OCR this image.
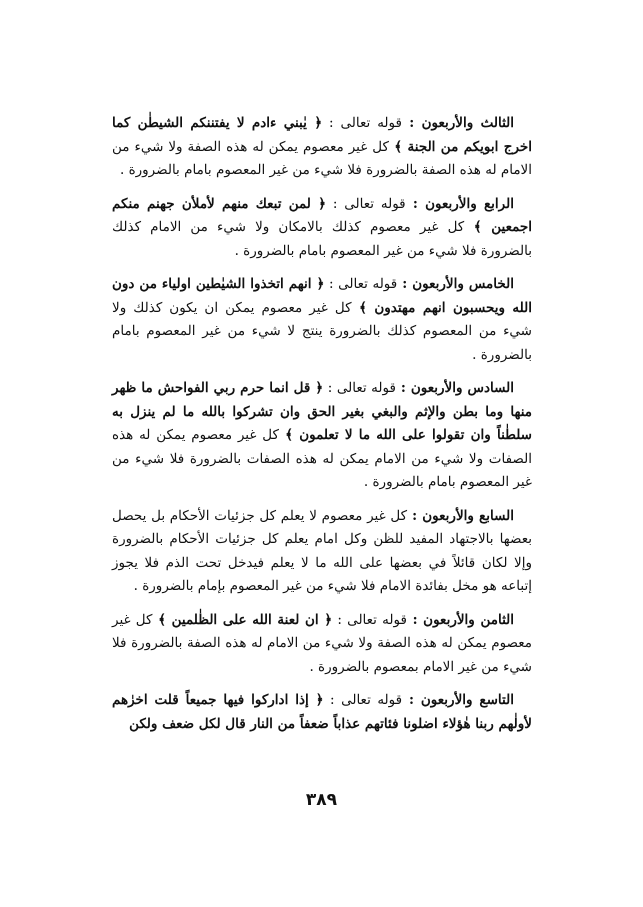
الثالث والأربعون : قوله تعالى : ﴿ يٰبني ءادم لا يفتننكم الشيطٰن كما اخرج ابويكم من الجنة ﴾ كل غير معصوم يمكن له هذه الصفة ولا شيء من الامام له هذه الصفة بالضرورة فلا شيء من غير المعصوم بامام بالضرورة .

الرابع والأربعون : قوله تعالى : ﴿ لمن تبعك منهم لأملأن جهنم منكم اجمعين ﴾ كل غير معصوم كذلك بالامكان ولا شيء من الامام كذلك بالضرورة فلا شيء من غير المعصوم بامام بالضرورة .

الخامس والأربعون : قوله تعالى : ﴿ انهم اتخذوا الشيٰطين اولياء من دون الله ويحسبون انهم مهتدون ﴾ كل غير معصوم يمكن ان يكون كذلك ولا شيء من المعصوم كذلك بالضرورة ينتج لا شيء من غير المعصوم بامام بالضرورة .

السادس والأربعون : قوله تعالى : ﴿ قل انما حرم ربي الفواحش ما ظهر منها وما بطن والإثم والبغي بغير الحق وان تشركوا بالله ما لم ينزل به سلطٰناً وان تقولوا على الله ما لا تعلمون ﴾ كل غير معصوم يمكن له هذه الصفات ولا شيء من الامام يمكن له هذه الصفات بالضرورة فلا شيء من غير المعصوم بامام بالضرورة .

السابع والأربعون : كل غير معصوم لا يعلم كل جزئيات الأحكام بل يحصل بعضها بالاجتهاد المفيد للظن وكل امام يعلم كل جزئيات الأحكام بالضرورة وإلا لكان قائلاً في بعضها على الله ما لا يعلم فيدخل تحت الذم فلا يجوز إتباعه هو مخل بفائدة الامام فلا شيء من غير المعصوم بإمام بالضرورة .

الثامن والأربعون : قوله تعالى : ﴿ ان لعنة الله على الظٰلمين ﴾ كل غير معصوم يمكن له هذه الصفة ولا شيء من الامام له هذه الصفة بالضرورة فلا شيء من غير الامام بمعصوم بالضرورة .

التاسع والأربعون : قوله تعالى : ﴿ إذا اداركوا فيها جميعاً قلت اخرٰهم لأولٰهم ربنا هٰؤلاء اضلونا فئاتهم عذاباً ضعفاً من النار قال لكل ضعف ولكن

٣٨٩
